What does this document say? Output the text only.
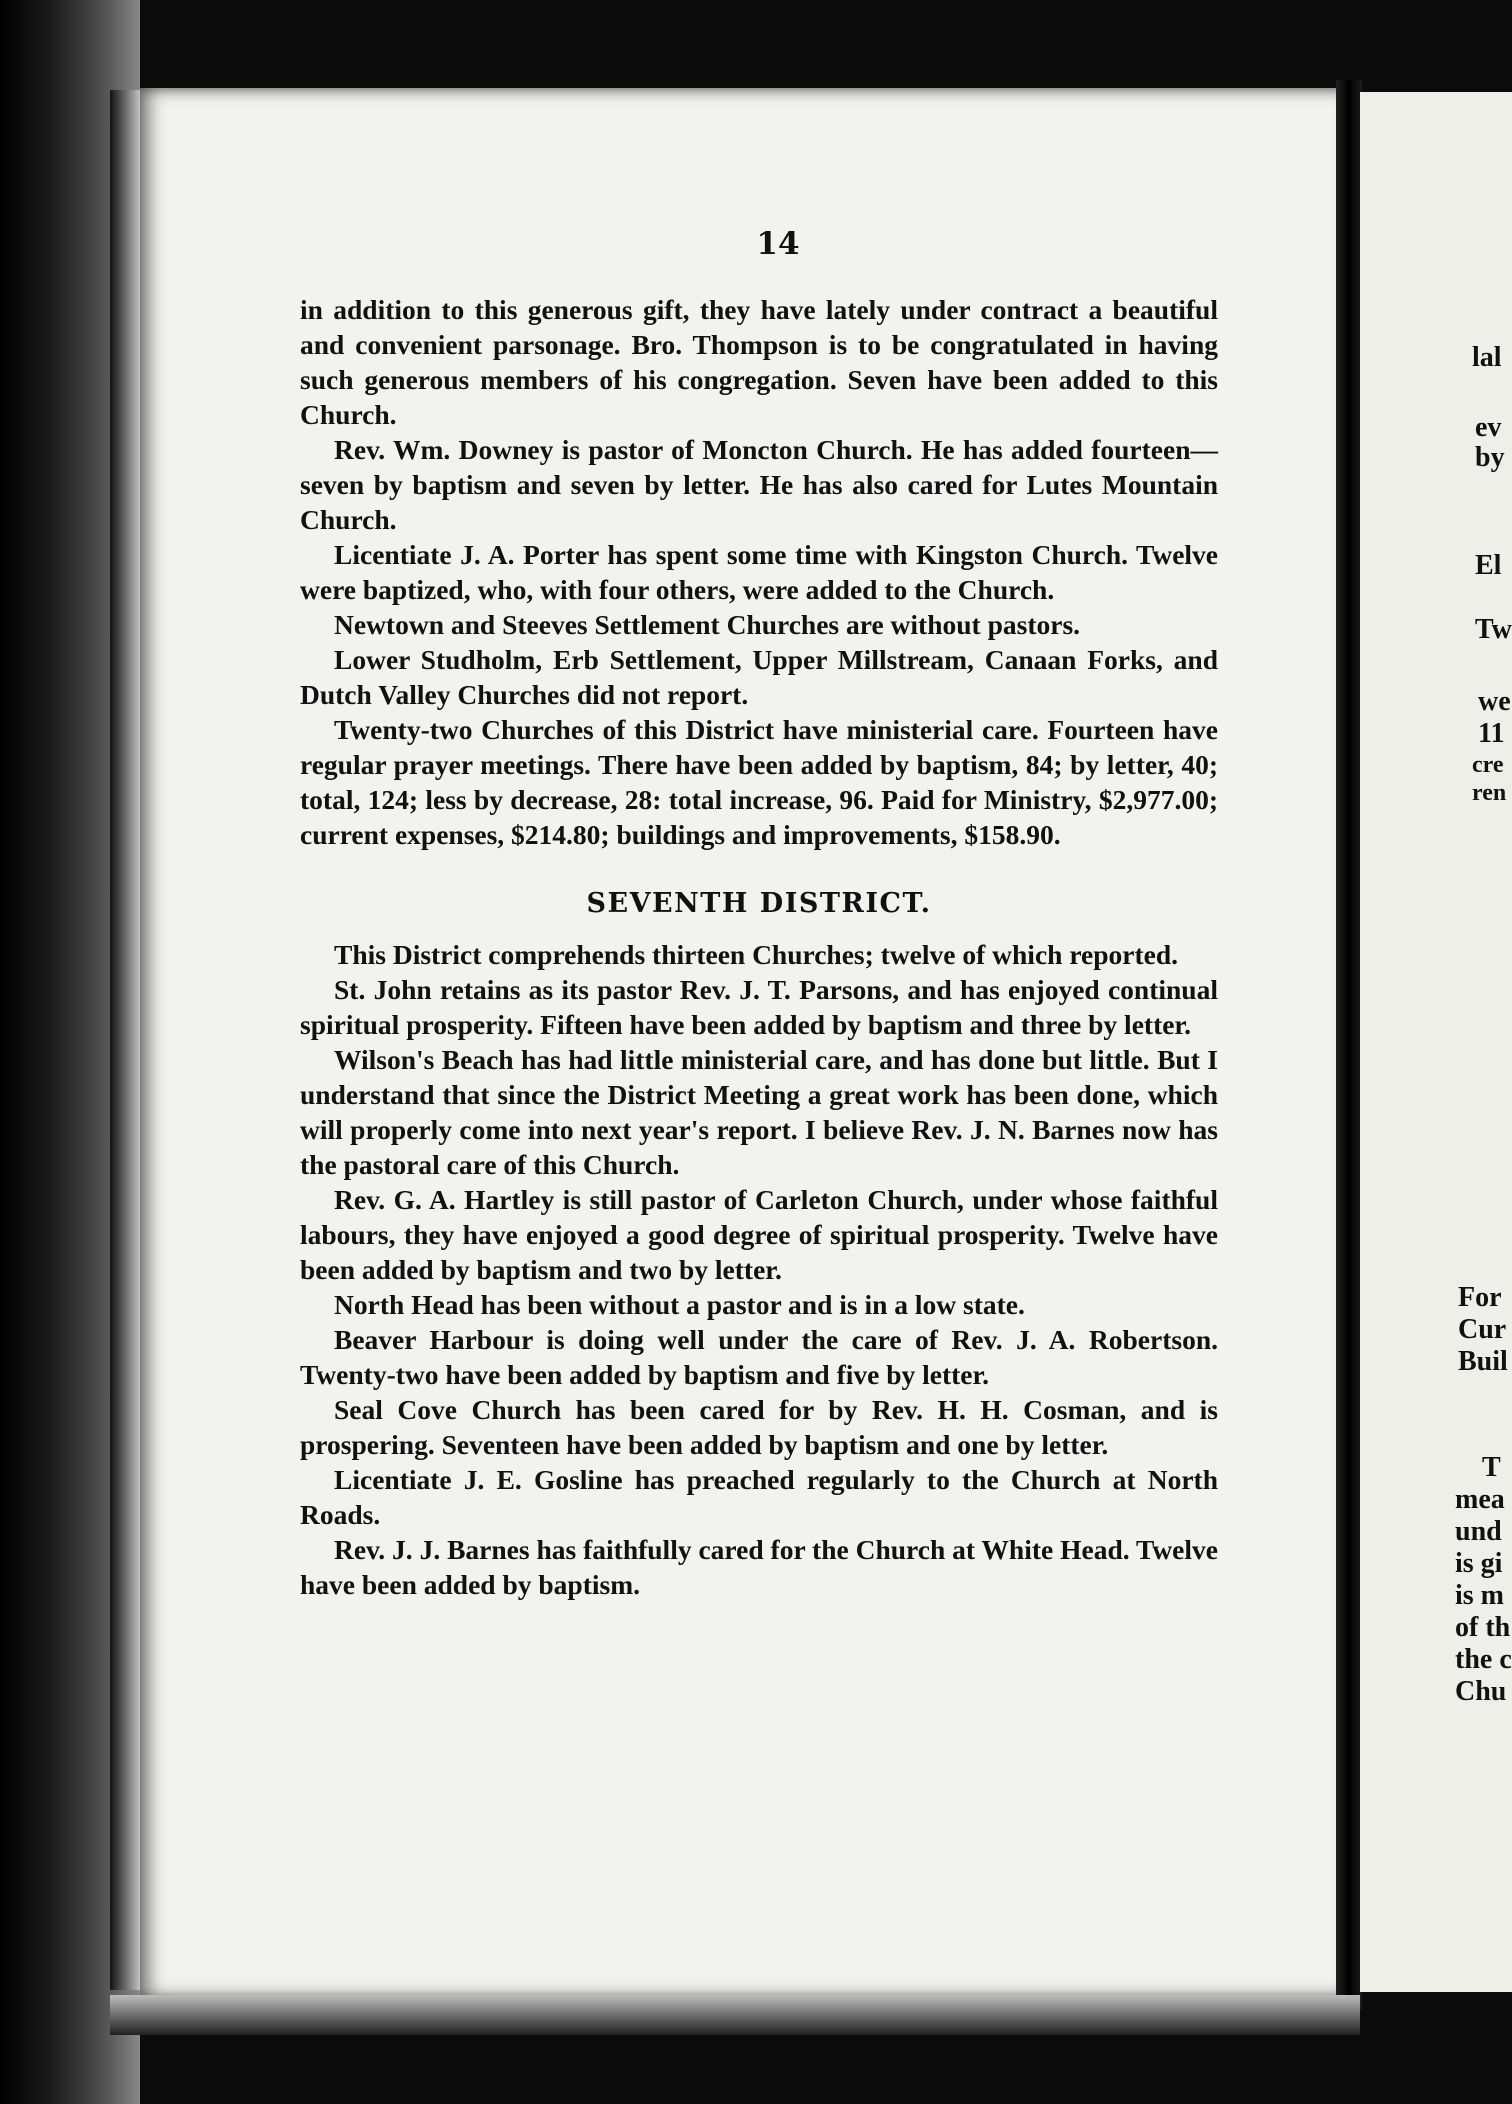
14

in addition to this generous gift, they have lately under contract a beautiful and convenient parsonage. Bro. Thompson is to be congratulated in having such generous members of his congregation. Seven have been added to this Church.

Rev. Wm. Downey is pastor of Moncton Church. He has added fourteen—seven by baptism and seven by letter. He has also cared for Lutes Mountain Church.

Licentiate J. A. Porter has spent some time with Kingston Church. Twelve were baptized, who, with four others, were added to the Church.

Newtown and Steeves Settlement Churches are without pastors.

Lower Studholm, Erb Settlement, Upper Millstream, Canaan Forks, and Dutch Valley Churches did not report.

Twenty-two Churches of this District have ministerial care. Fourteen have regular prayer meetings. There have been added by baptism, 84; by letter, 40; total, 124; less by decrease, 28: total increase, 96. Paid for Ministry, $2,977.00; current expenses, $214.80; buildings and improvements, $158.90.

SEVENTH DISTRICT.

This District comprehends thirteen Churches; twelve of which reported.

St. John retains as its pastor Rev. J. T. Parsons, and has enjoyed continual spiritual prosperity. Fifteen have been added by baptism and three by letter.

Wilson's Beach has had little ministerial care, and has done but little. But I understand that since the District Meeting a great work has been done, which will properly come into next year's report. I believe Rev. J. N. Barnes now has the pastoral care of this Church.

Rev. G. A. Hartley is still pastor of Carleton Church, under whose faithful labours, they have enjoyed a good degree of spiritual prosperity. Twelve have been added by baptism and two by letter.

North Head has been without a pastor and is in a low state.

Beaver Harbour is doing well under the care of Rev. J. A. Robertson. Twenty-two have been added by baptism and five by letter.

Seal Cove Church has been cared for by Rev. H. H. Cosman, and is prospering. Seventeen have been added by baptism and one by letter.

Licentiate J. E. Gosline has preached regularly to the Church at North Roads.

Rev. J. J. Barnes has faithfully cared for the Church at White Head. Twelve have been added by baptism.

lal
ev
by
El
Tw
we
11
cre
ren
For
Cur
Buil
T
mea
und
is gi
is m
of th
the c
Chu
